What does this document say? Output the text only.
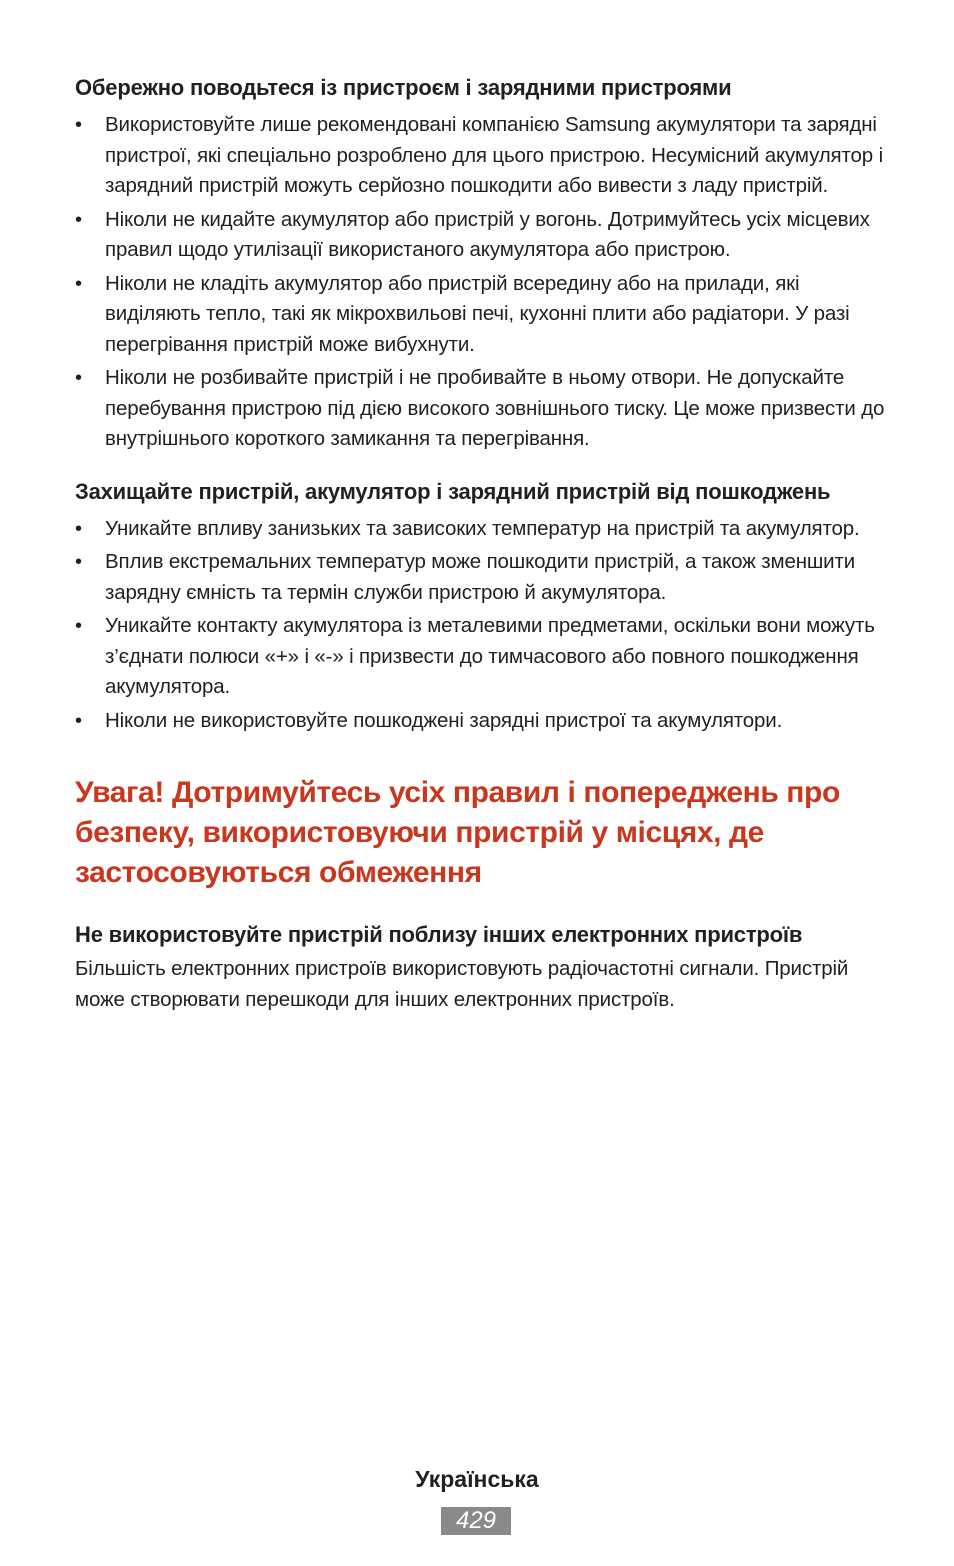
Обережно поводьтеся із пристроєм і зарядними пристроями
•	Використовуйте лише рекомендовані компанією Samsung акумулятори та зарядні пристрої, які спеціально розроблено для цього пристрою. Несумісний акумулятор і зарядний пристрій можуть серйозно пошкодити або вивести з ладу пристрій.
•	Ніколи не кидайте акумулятор або пристрій у вогонь. Дотримуйтесь усіх місцевих правил щодо утилізації використаного акумулятора або пристрою.
•	Ніколи не кладіть акумулятор або пристрій всередину або на прилади, які виділяють тепло, такі як мікрохвильові печі, кухонні плити або радіатори. У разі перегрівання пристрій може вибухнути.
•	Ніколи не розбивайте пристрій і не пробивайте в ньому отвори. Не допускайте перебування пристрою під дією високого зовнішнього тиску. Це може призвести до внутрішнього короткого замикання та перегрівання.
Захищайте пристрій, акумулятор і зарядний пристрій від пошкоджень
•	Уникайте впливу занизьких та зависоких температур на пристрій та акумулятор.
•	Вплив екстремальних температур може пошкодити пристрій, а також зменшити зарядну ємність та термін служби пристрою й акумулятора.
•	Уникайте контакту акумулятора із металевими предметами, оскільки вони можуть з’єднати полюси «+» і «-» і призвести до тимчасового або повного пошкодження акумулятора.
•	Ніколи не використовуйте пошкоджені зарядні пристрої та акумулятори.
Увага! Дотримуйтесь усіх правил і попереджень про безпеку, використовуючи пристрій у місцях, де застосовуються обмеження
Не використовуйте пристрій поблизу інших електронних пристроїв

Більшість електронних пристроїв використовують радіочастотні сигнали. Пристрій може створювати перешкоди для інших електронних пристроїв.

Українська
429
